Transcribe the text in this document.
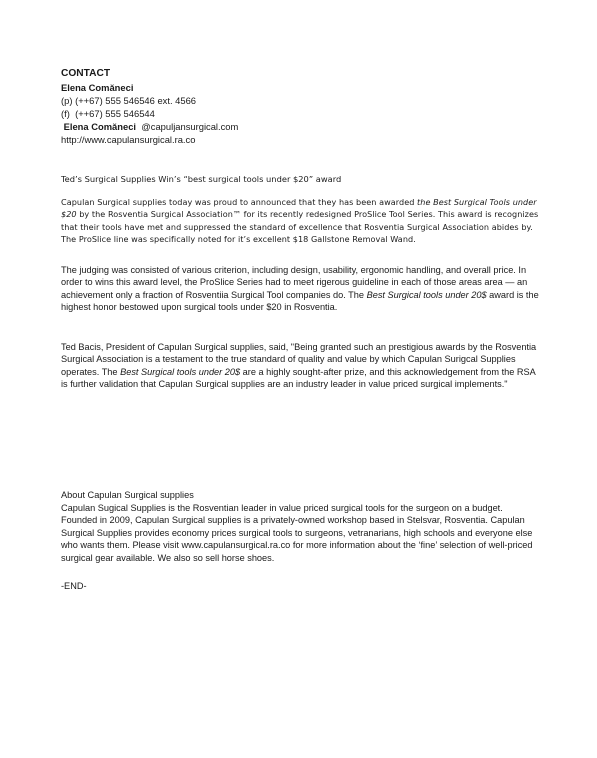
CONTACT
Elena Comăneci
(p) (++67) 555 546546 ext. 4566
(f) (++67) 555 546544
Elena Comăneci @capuljansurgical.com
http://www.capulansurgical.ra.co
Ted’s Surgical Supplies Win’s “best surgical tools under $20” award

Capulan Surgical supplies today was proud to announced that they has been awarded the Best Surgical Tools under $20 by the Rosventia Surgical Association™ for its recently redesigned ProSlice Tool Series. This award is recognizes that their tools have met and suppressed the standard of excellence that Rosventia Surgical Association abides by. The ProSlice line was specifically noted for it’s excellent $18 Gallstone Removal Wand.

The judging was consisted of various criterion, including design, usability, ergonomic handling, and overall price. In order to wins this award level, the ProSlice Series had to meet rigerous guideline in each of those areas area — an achievement only a fraction of Rosventiia Surgical Tool companies do. The Best Surgical tools under 20$ award is the highest honor bestowed upon surgical tools under $20 in Rosventia.

Ted Bacis, President of Capulan Surgical supplies, said, "Being granted such an prestigious awards by the Rosventia Surgical Association is a testament to the true standard of quality and value by which Capulan Surigcal Supplies operates. The Best Surgical tools under 20$ are a highly sought-after prize, and this acknowledgement from the RSA is further validation that Capulan Surgical supplies are an industry leader in value priced surgical implements."

About Capulan Surgical supplies

Capulan Sugical Supplies is the Rosventian leader in value priced surgical tools for the surgeon on a budget. Founded in 2009, Capulan Surgical supplies is a privately-owned workshop based in Stelsvar, Rosventia. Capulan Surgical Supplies provides economy prices surgical tools to surgeons, vetranarians, high schools and everyone else who wants them. Please visit www.capulansurgical.ra.co for more information about the ‘fine’ selection of well-priced surgical gear available. We also so sell horse shoes.

-END-
